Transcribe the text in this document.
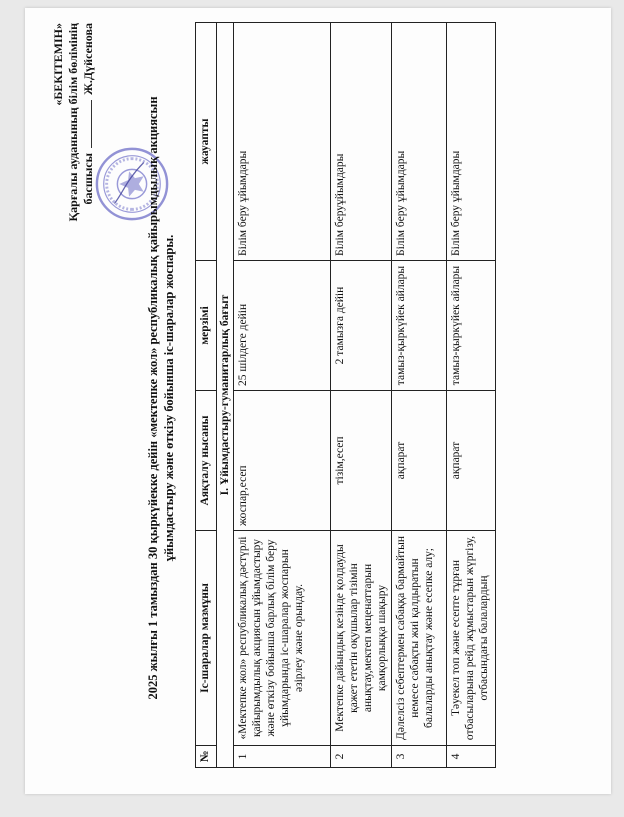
«БЕКІТЕМІН» Қарғалы ауданының білім бөлімінің басшысы  Ж.Дүйсенова
2025 жылғы 1 тамыздан 30 қыркүйекке дейін «мектепке жол» республикалық қайырымдылық акциясын ұйымдастыру және өткізу бойынша іс-шаралар жоспары.
№	Іс-шаралар мазмұны	Аяқталу нысаны	мерзімі	жауапты
I. Ұйымдастыру-гуманитарлық бағыт				
1	«Мектепке жол» республикалық дәстүрлі қайырымдылық акциясын ұйымдастыру және өткізу бойынша барлық білім беру ұйымдарында іс-шаралар жоспарын әзірлеу және орындау.	жоспар,есеп	25 шілдеге дейін	Білім беру ұйымдары
2	Мектепке дайындық кезінде қолдауды қажет ететін оқушылар тізімін анықтау,мектеп меценаттарын қамқорлыққа шақыру	тізім,есеп	2 тамызға дейін	Білім беруұйымдары
3	Дәлелсіз себептермен сабаққа бармайтын немесе сабақты жиі қалдыратын балаларды анықтау және есепке алу;	ақпарат	тамыз-қыркүйек айлары	Білім беру ұйымдары
4	Тәуекел топ және есепте тұрған отбасыларына рейд жұмыстарын жүргізу, отбасындағы балалардың	ақпарат	тамыз-қыркүйек айлары	Білім беру ұйымдары
